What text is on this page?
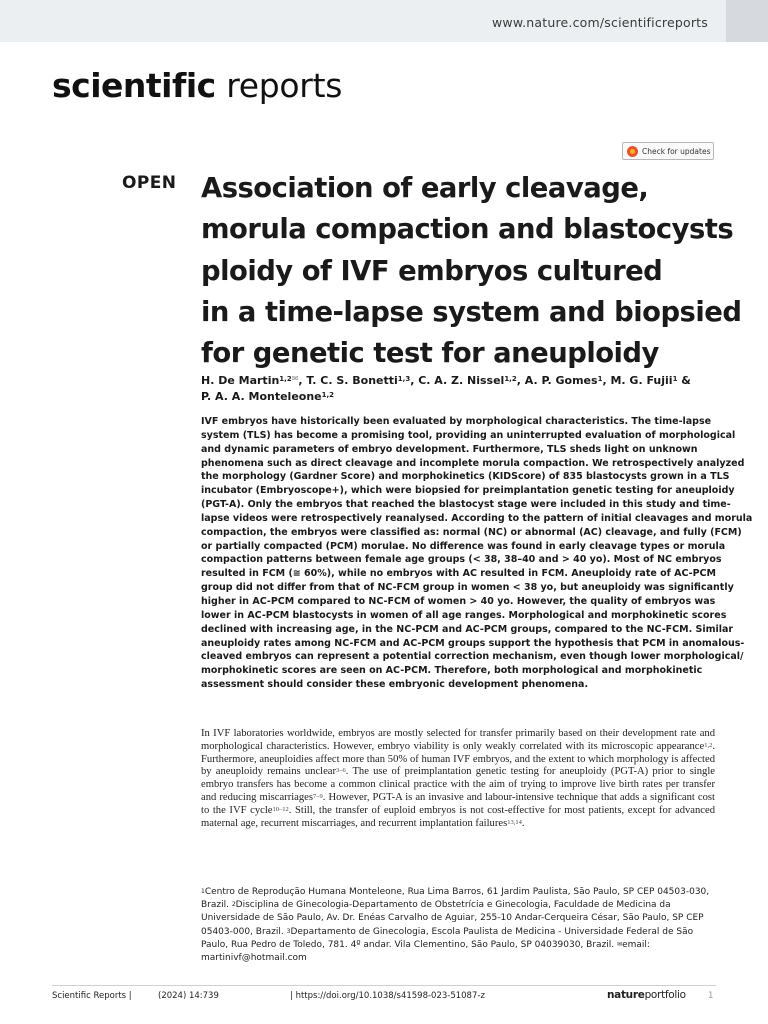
www.nature.com/scientificreports
scientific reports
Check for updates
OPEN Association of early cleavage,
morula compaction and blastocysts
ploidy of IVF embryos cultured
in a time-lapse system and biopsied
for genetic test for aneuploidy
H. De Martin$^{1,2✉}$, T. C. S. Bonetti$^{1,3}$, C. A. Z. Nissel$^{1,2}$, A. P. Gomes$^1$, M. G. Fujii$^1$ &
P. A. A. Monteleone$^{1,2}$
IVF embryos have historically been evaluated by morphological characteristics. The time-lapse
system (TLS) has become a promising tool, providing an uninterrupted evaluation of morphological
and dynamic parameters of embryo development. Furthermore, TLS sheds light on unknown
phenomena such as direct cleavage and incomplete morula compaction. We retrospectively analyzed
the morphology (Gardner Score) and morphokinetics (KIDScore) of 835 blastocysts grown in a TLS
incubator (Embryoscope+), which were biopsied for preimplantation genetic testing for aneuploidy
(PGT-A). Only the embryos that reached the blastocyst stage were included in this study and time-
lapse videos were retrospectively reanalysed. According to the pattern of initial cleavages and morula
compaction, the embryos were classified as: normal (NC) or abnormal (AC) cleavage, and fully (FCM)
or partially compacted (PCM) morulae. No difference was found in early cleavage types or morula
compaction patterns between female age groups (< 38, 38–40 and > 40 yo). Most of NC embryos
resulted in FCM (≅ 60%), while no embryos with AC resulted in FCM. Aneuploidy rate of AC-PCM
group did not differ from that of NC-FCM group in women < 38 yo, but aneuploidy was significantly
higher in AC-PCM compared to NC-FCM of women > 40 yo. However, the quality of embryos was
lower in AC-PCM blastocysts in women of all age ranges. Morphological and morphokinetic scores
declined with increasing age, in the NC-PCM and AC-PCM groups, compared to the NC-FCM. Similar
aneuploidy rates among NC-FCM and AC-PCM groups support the hypothesis that PCM in anomalous-
cleaved embryos can represent a potential correction mechanism, even though lower morphological/
morphokinetic scores are seen on AC-PCM. Therefore, both morphological and morphokinetic
assessment should consider these embryonic development phenomena.
In IVF laboratories worldwide, embryos are mostly selected for transfer primarily based on their development rate and morphological characteristics. However, embryo viability is only weakly correlated with its microscopic appearance$^{1,2}$. Furthermore, aneuploidies affect more than 50% of human IVF embryos, and the extent to which morphology is affected by aneuploidy remains unclear$^{3-6}$. The use of preimplantation genetic testing for aneuploidy (PGT-A) prior to single embryo transfers has become a common clinical practice with the aim of trying to improve live birth rates per transfer and reducing miscarriages$^{7-9}$. However, PGT-A is an invasive and labour-intensive technique that adds a significant cost to the IVF cycle$^{10-12}$. Still, the transfer of euploid embryos is not cost-effective for most patients, except for advanced maternal age, recurrent miscarriages, and recurrent implantation failures$^{13,14}$.
$^1$Centro de Reprodução Humana Monteleone, Rua Lima Barros, 61 Jardim Paulista, São Paulo, SP CEP 04503-030, Brazil. $^2$Disciplina de Ginecologia-Departamento de Obstetrícia e Ginecologia, Faculdade de Medicina da Universidade de São Paulo, Av. Dr. Enéas Carvalho de Aguiar, 255-10 Andar-Cerqueira César, São Paulo, SP CEP 05403-000, Brazil. $^3$Departamento de Ginecologia, Escola Paulista de Medicina - Universidade Federal de São Paulo, Rua Pedro de Toledo, 781. 4º andar. Vila Clementino, São Paulo, SP 04039030, Brazil. ✉email: martinivf@hotmail.com
Scientific Reports |	(2024) 14:739	| https://doi.org/10.1038/s41598-023-51087-z	natureportfolio	1
